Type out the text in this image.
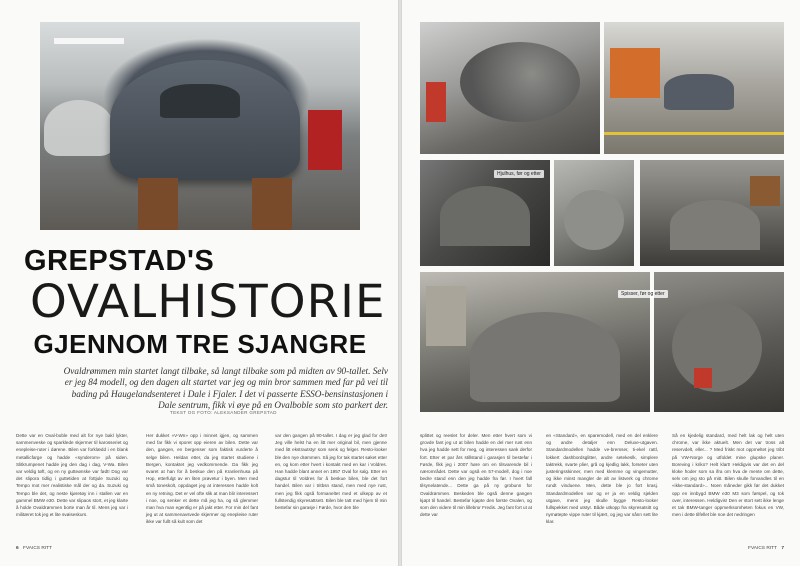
GREPSTAD'S
OVALHISTORIE
GJENNOM TRE SJANGRE
Ovaldrømmen min startet langt tilbake, så langt tilbake som på midten av 90-tallet. Selv er jeg 84 modell, og den dagen alt startet var jeg og min bror sammen med far på vei til bading på Haugelandsenteret i Dale i Fjaler. I det vi passerte ESSO-bensinstasjonen i Dale sentrum, fikk vi øye på en Ovalboble som sto parkert der.
TEKST OG FOTO: ALEKSANDER GREPSTAD
Dette var en Oval-boble med alt for nye bakl lykter, sammenveske og sparklede skjermer til karosseriet og enepleise-ruter i dørene. Bilen var forklædd i en blank metallicfarge og hadde «synderom» på siden. Slitkrumpenet hadde jeg den dag i dag, V-Wa. Bilen var veldig tøft, og en ny gutteønske var født! Dog var det slipora tidlig i guttetiden at fottjule Suzuki og Tempo mot mer realistiske mål der og da. Suzuki og Tempo ble det, og neste kjøretøy inn i stallen var en gammel BMW e30. Dette var slipaos stort, et jeg klarte å holde Ovaldrømmen borte man år til. Mens jeg var i militæret tok jeg et lite svøiseskurs.
Her dukket «V-Wn» opp i minnet igjen, og sammen med far fikk vi sporet opp eieren av bilen. Dette var den, gangen, en bergenser som faktisk vurderte å selge bilen. Heldan etter, da jeg startet studiene i Bergen, kontaktet jeg vedkommende. Da fikk jeg svaret at han for å beskue den på Kranlenhusa på Hop, etterfulgt av en liten prøvetur i byen. Men med små toneskolt, oppdaget jeg at interessen hadde kolt en ny retning. Det er vel ofte slik at man blir interessert i noe, og senker et dette må jeg ha, og så glemmer man hva man egentlig er på jakt etter. For min del fant jeg ut at sammenavsvede skjermer og enepleise ruter ikke var fullt så kult som det
var den gangen på 90-tallet. I dag er jeg glad for det! Jeg ville helst ha en litt mer original bil, men gjenne med litt ekstrautstyr som senk og felger. Resto-looker ble den nye drømmen. Så jeg for tak startet søket etter en, og kom etter hvert i kontakt med en kar i Voldres. Han hadde blant annet en 1957 Oval for salg. Etter en dagstur til Voldres for å beskue bilen, ble det fort handel. Bilen var i tritbsn stand, men med nye rust, men jeg fikk også formaneltet med et ulkepp av et fullstendig skyresattsett. Bilen ble tatt med hjem til min bestefar sin garasje i Førde, hvor den ble
6 FVAICS RITT
Hjulhus, før og etter
Spisser, før og etter
splittet og reeslet for deler. Men etter hvert som vi grovde fant jeg ut at bilen hadde en del mer rust enn hva jeg hadde sett for meg, og interessen sank derfor fort. Etter et par års stillstand i garasjen til bestefar i Førde, fikk jeg i 2007 høre om en tilsvarende bil i nærområdet. Dette var også en 57-modell, dog i noe bedre stand enn den jeg hadde fra før. I hvert fall tilsynelatende... Dette ga på ny grobunn for Ovaldrømmen. Beskeden ble også denne gangen kjøpt til handel. Bestefar kjøpte den første Ovalen, og som den videre til min lillebror Fredis. Jeg fant fort ut at dette var
en «Standard», en sparemodell, med en del enklere og andre detaljer enn Deluxe-utgaven. Standardmodellen hadde ve-bremser, ti-ekel rattl, lokkert dashbordsglitter, andre setekeslk, simplere taktrekk, svarte plier, grå og kjedlig lakk, forseter uten justeringsskinner, men med klemme og vingemutter, og ikke minst mangler de alt av listverk og chrome rundt vinduene. Men, dette ble jo fort krasj. Standardmodellen var og er ja en veldig sjelden utgave, mens jeg skulle bygge Resto-looker fullspekket med utstyr. Både utkopp fra skyresatsitt og nymøtepte vippe ruter til kjært, og jeg var sånn sett lite klar.
Så en kjedelig standard, med helt lak og helt uten chrome, var ikke aktuelt. Men det var tross alt reservdelt, eller... ? Med friskt mot oppmeltet jeg tribt på VW-Norge og utfoldet mine glupske planer. Boreving i kriko? Helt klart! Heldigvis var det en del kloke hoder som sa ifra om hva de mente om dette, selv om jeg sto på mitt. Bilen skulle forvandles til en «ikke-standard»... Noen måneder gikk før det dukket opp en innbygd BMW e30 M3 som førspel, og tok over, interessen. Heldigvis! Den er stort sett ikke lenge et tak BMW-tanger oppmerksomheten fokus en VW, men i dette tilfellet ble noe det nedringen
FVAICS RITT 7
